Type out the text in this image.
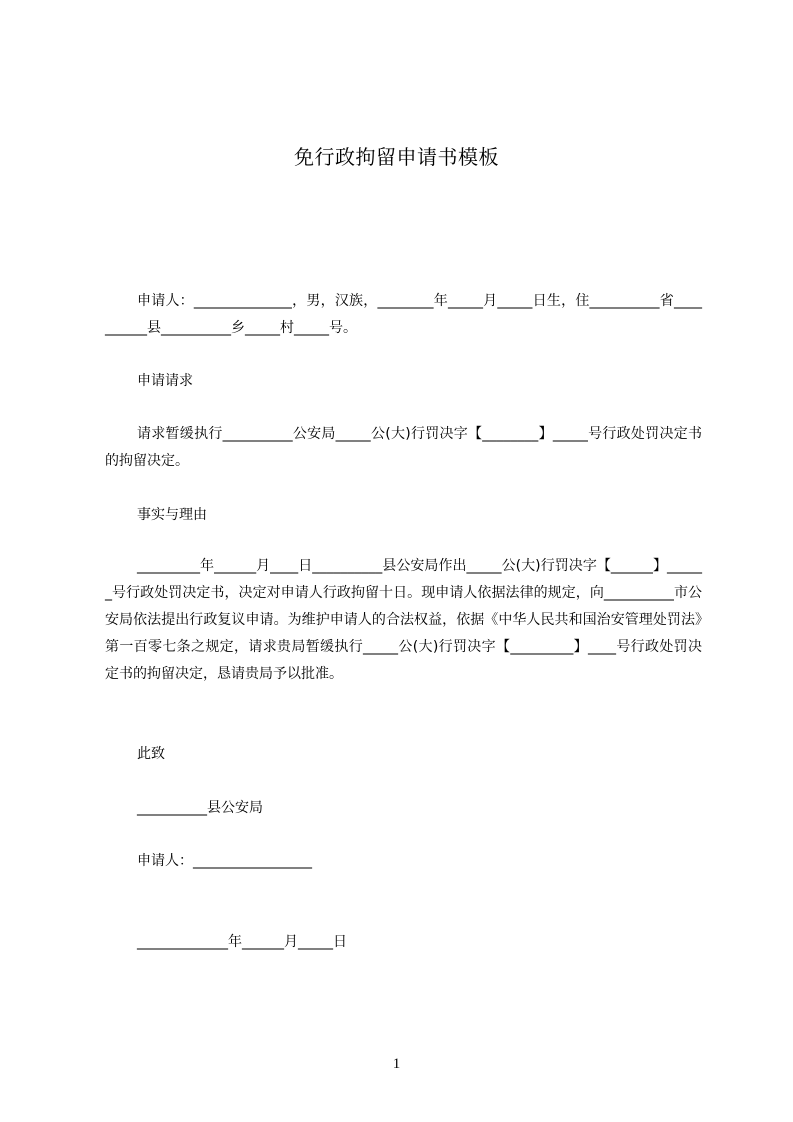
免行政拘留申请书模板
申请人：______________，男，汉族，________年_____月_____日生，住__________省__________县__________乡_____村_____号。
申请请求
请求暂缓执行__________公安局_____公(大)行罚决字【________】_____号行政处罚决定书的拘留决定。
事实与理由
_________年______月____日__________县公安局作出_____公(大)行罚决字【______】______号行政处罚决定书，决定对申请人行政拘留十日。现申请人依据法律的规定，向__________市公安局依法提出行政复议申请。为维护申请人的合法权益，依据《中华人民共和国治安管理处罚法》第一百零七条之规定，请求贵局暂缓执行_____公(大)行罚决字【_________】____号行政处罚决定书的拘留决定，恳请贵局予以批准。
此致
__________县公安局
申请人：_________________
_____________年______月_____日
1
